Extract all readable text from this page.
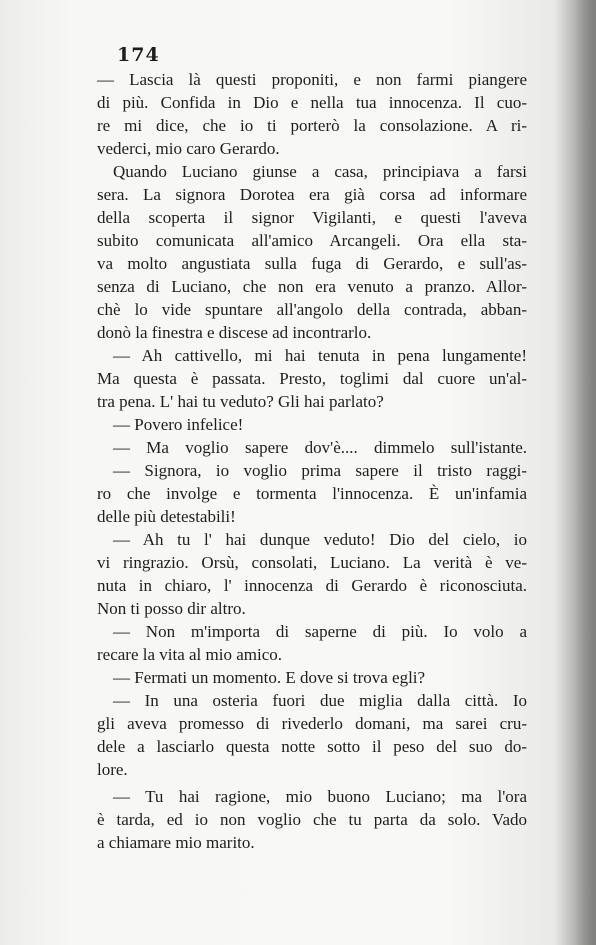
174
— Lascia là questi proponiti, e non farmi piangere
di più. Confida in Dio e nella tua innocenza. Il cuo-
re mi dice, che io ti porterò la consolazione. A ri-
vederci, mio caro Gerardo.
Quando Luciano giunse a casa, principiava a farsi
sera. La signora Dorotea era già corsa ad informare
della scoperta il signor Vigilanti, e questi l'aveva
subito comunicata all'amico Arcangeli. Ora ella sta-
va molto angustiata sulla fuga di Gerardo, e sull'as-
senza di Luciano, che non era venuto a pranzo. Allor-
chè lo vide spuntare all'angolo della contrada, abban-
donò la finestra e discese ad incontrarlo.
— Ah cattivello, mi hai tenuta in pena lungamente!
Ma questa è passata. Presto, toglimi dal cuore un'al-
tra pena. L' hai tu veduto? Gli hai parlato?
— Povero infelice!
— Ma voglio sapere dov'è.... dimmelo sull'istante.
— Signora, io voglio prima sapere il tristo raggi-
ro che involge e tormenta l'innocenza. È un'infamia
delle più detestabili!
— Ah tu l' hai dunque veduto! Dio del cielo, io
vi ringrazio. Orsù, consolati, Luciano. La verità è ve-
nuta in chiaro, l' innocenza di Gerardo è riconosciuta.
Non ti posso dir altro.
— Non m'importa di saperne di più. Io volo a
recare la vita al mio amico.
— Fermati un momento. E dove si trova egli?
— In una osteria fuori due miglia dalla città. Io
gli aveva promesso di rivederlo domani, ma sarei cru-
dele a lasciarlo questa notte sotto il peso del suo do-
lore.
— Tu hai ragione, mio buono Luciano; ma l'ora
è tarda, ed io non voglio che tu parta da solo. Vado
a chiamare mio marito.
